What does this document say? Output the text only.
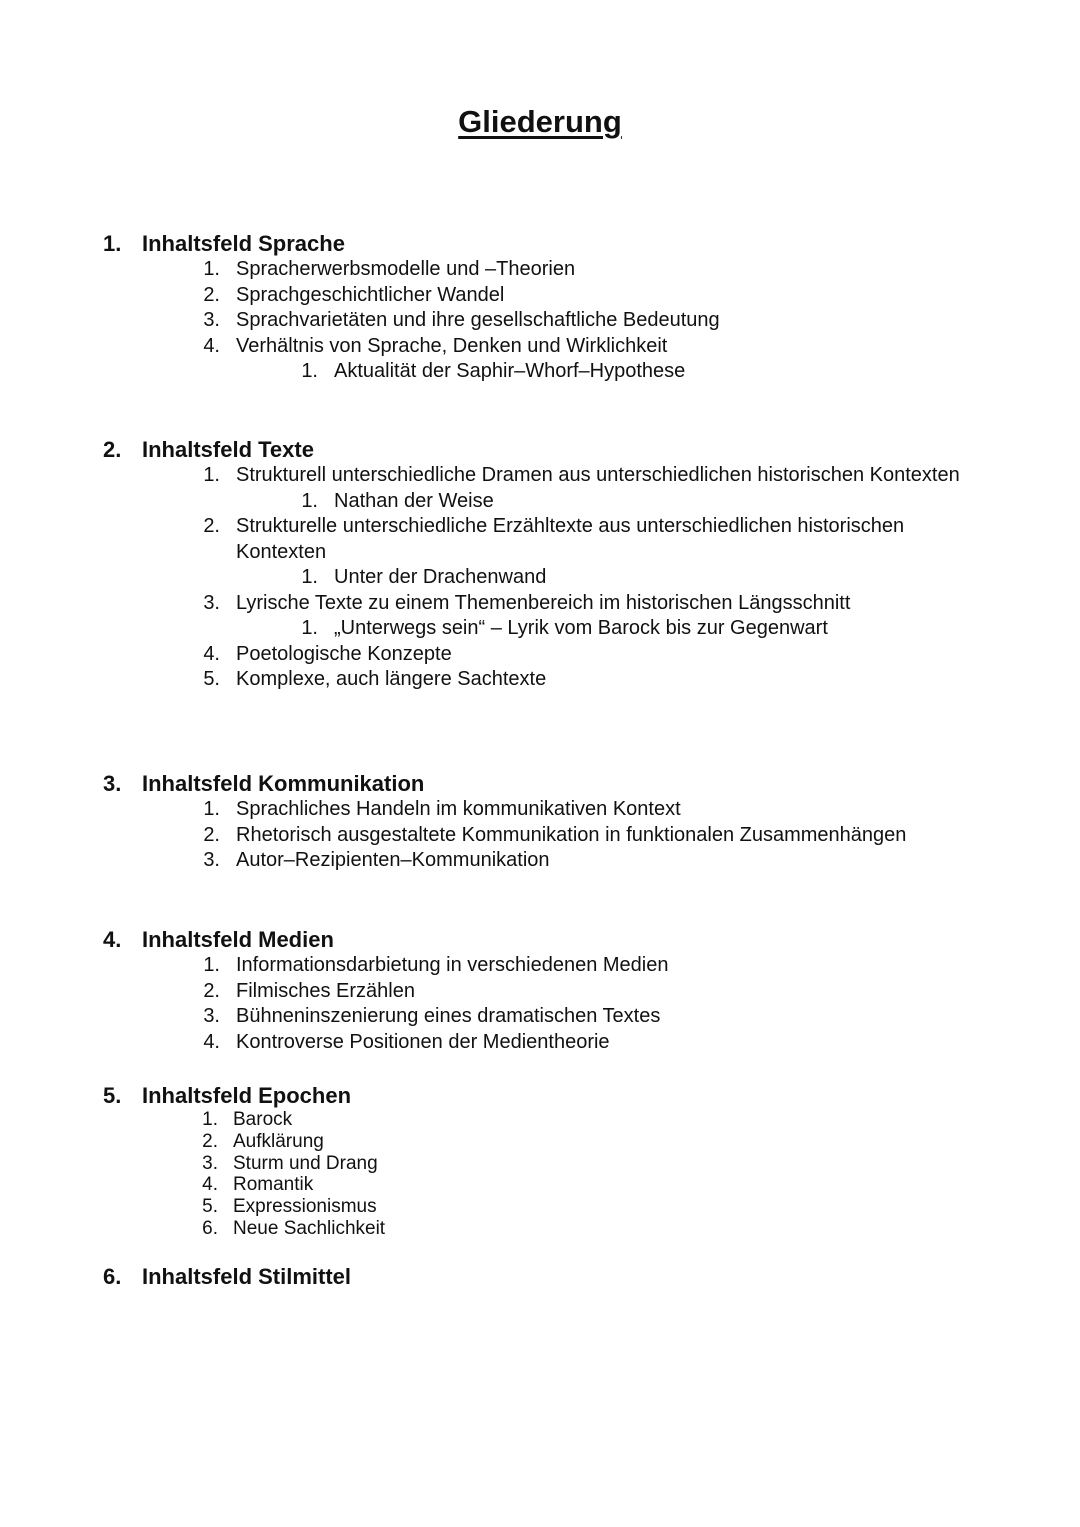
Gliederung
1. Inhaltsfeld Sprache
1. Spracherwerbsmodelle und –Theorien
2. Sprachgeschichtlicher Wandel
3. Sprachvarietäten und ihre gesellschaftliche Bedeutung
4. Verhältnis von Sprache, Denken und Wirklichkeit
1. Aktualität der Saphir–Whorf–Hypothese
2. Inhaltsfeld Texte
1. Strukturell unterschiedliche Dramen aus unterschiedlichen historischen Kontexten
1. Nathan der Weise
2. Strukturelle unterschiedliche Erzähltexte aus unterschiedlichen historischen Kontexten
1. Unter der Drachenwand
3. Lyrische Texte zu einem Themenbereich im historischen Längsschnitt
1. „Unterwegs sein“ – Lyrik vom Barock bis zur Gegenwart
4. Poetologische Konzepte
5. Komplexe, auch längere Sachtexte
3. Inhaltsfeld Kommunikation
1. Sprachliches Handeln im kommunikativen Kontext
2. Rhetorisch ausgestaltete Kommunikation in funktionalen Zusammenhängen
3. Autor–Rezipienten–Kommunikation
4. Inhaltsfeld Medien
1. Informationsdarbietung in verschiedenen Medien
2. Filmisches Erzählen
3. Bühneninszenierung eines dramatischen Textes
4. Kontroverse Positionen der Medientheorie
5. Inhaltsfeld Epochen
1. Barock
2. Aufklärung
3. Sturm und Drang
4. Romantik
5. Expressionismus
6. Neue Sachlichkeit
6. Inhaltsfeld Stilmittel
